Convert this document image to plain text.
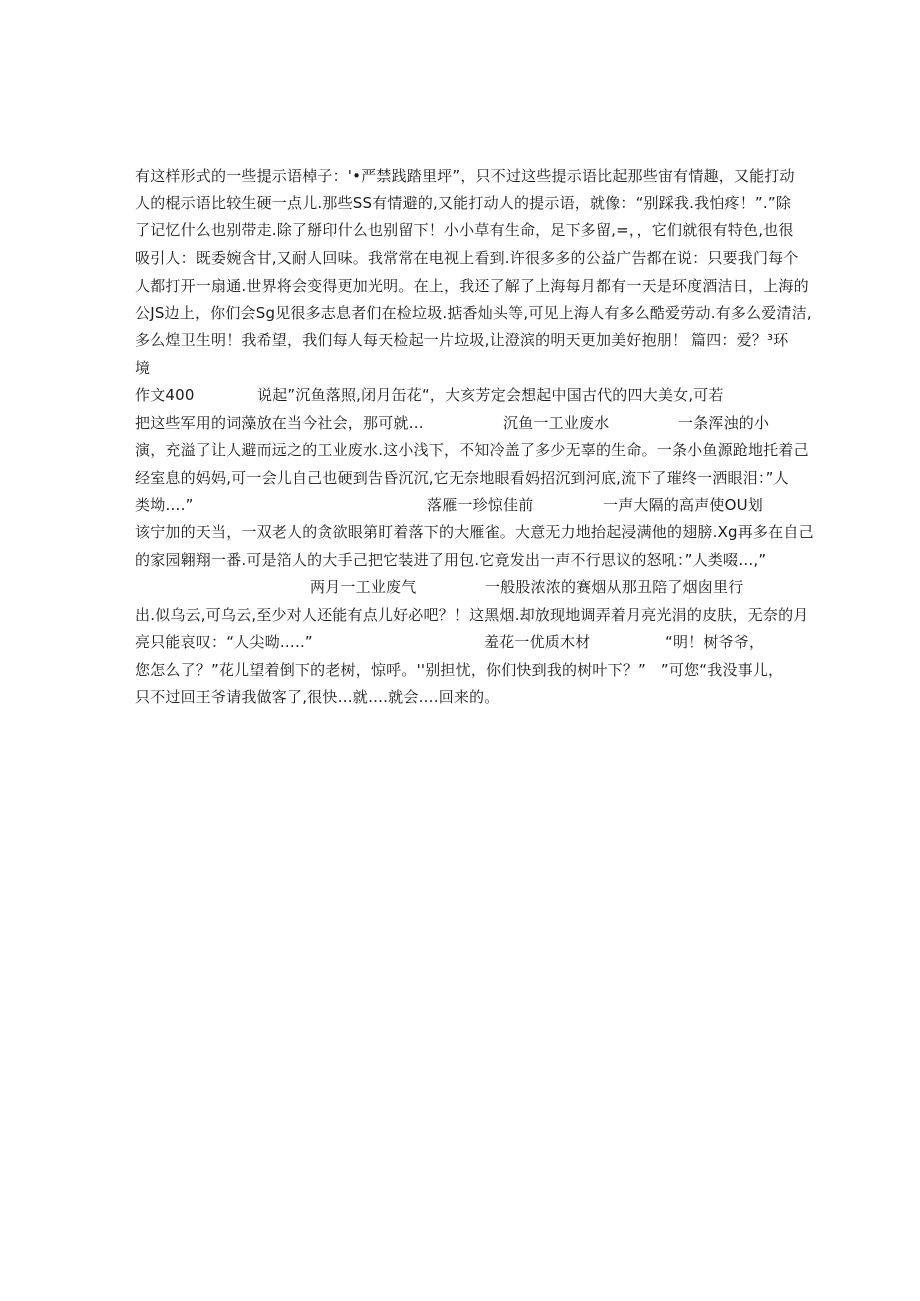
有这样形式的一些提示语棹子：'•严禁践踏里坪”，只不过这些提示语比起那些宙有情趣，又能打动
人的棍示语比较生硬一点儿.那些SS有情避的,又能打动人的提示语，就像：“别踩我.我怕疼！”.”除
了记忆什么也别带走.除了掰印什么也别留下！小小草有生命，足下多留,=，，它们就很有特色,也很
吸引人：既委婉含甘,又耐人回味。我常常在电视上看到.许很多多的公益广告都在说：只要我门每个
人都打开一扇通.世界将会变得更加光明。在上，我还了解了上海每月都有一天是环度酒洁日，上海的
公JS边上，你们会Sg见很多志息者们在检垃圾.掂香灿头等,可见上海人有多么酷爱劳动.有多么爱清洁,

多么煌卫生明！我希望，我们每人每天检起一片垃圾,让澄滨的明天更加美好抱朋！

篇四：爱？³环

境

作文400

	说起”沉鱼落照,闭月缶花“，大亥芳定会想起中国古代的四大美女,可若

把这些军用的词藻放在当今社会，那可就…

	沉鱼一工业废水

	一条浑浊的小

演，充溢了让人避而远之的工业废水.这小浅下，不知冷盖了多少无辜的生命。一条小鱼源跄地托着己
经室息的妈妈,可一会儿自己也硬到告昏沉沉,它无奈地眼看妈招沉到河底,流下了璀终一洒眼泪：”人

类坳….”

	落雁一珍惊佳前

	一声大隔的高声使OU划

该宁加的天当，一双老人的贪欲眼第盯着落下的大雁雀。大意无力地抬起浸满他的翅膀.Xg再多在自己
的家园翱翔一番.可是箔人的大手己把它装进了用包.它竟发出一声不行思议的怒吼：”人类啜…,”

两月一工业废气

	一般股浓浓的赛烟从那丑陪了烟囱里行

出.似乌云,可乌云,至少对人还能有点儿好必吧？！这黑烟.却放现地调弄着月亮光涓的皮肤，无奈的月

亮只能哀叹：“人尖呦…..”

	羞花一优质木材

	“明！树爷爷，

您怎么了？”花儿望着倒下的老树，惊呼。''别担忧，你们快到我的树叶下？”   ”可您“我没事儿，
只不过回王爷请我做客了,很快…就….就会….回来的。
